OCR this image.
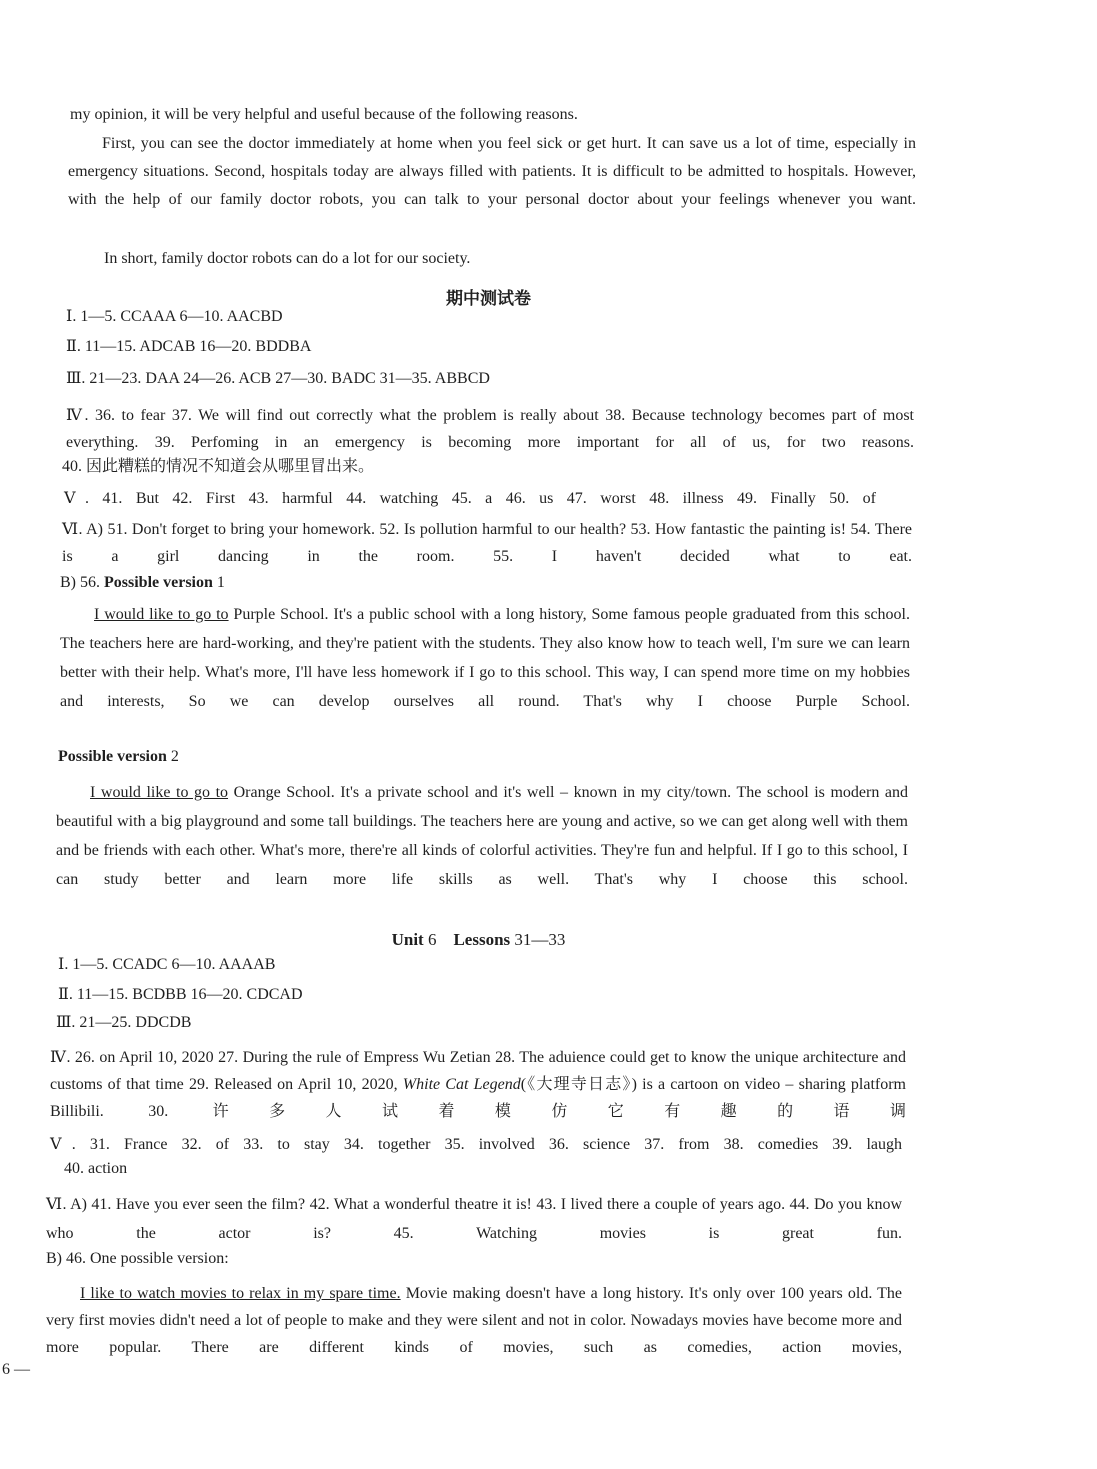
my opinion, it will be very helpful and useful because of the following reasons.
First, you can see the doctor immediately at home when you feel sick or get hurt. It can save us a lot of time, especially in emergency situations. Second, hospitals today are always filled with patients. It is difficult to be admitted to hospitals. However, with the help of our family doctor robots, you can talk to your personal doctor about your feelings whenever you want.
In short, family doctor robots can do a lot for our society.
期中测试卷
Ⅰ. 1—5. CCAAA 6—10. AACBD
Ⅱ. 11—15. ADCAB 16—20. BDDBA
Ⅲ. 21—23. DAA 24—26. ACB 27—30. BADC 31—35. ABBCD
Ⅳ. 36. to fear 37. We will find out correctly what the problem is really about 38. Because technology becomes part of most everything. 39. Perfoming in an emergency is becoming more important for all of us, for two reasons.
40. 因此糟糕的情况不知道会从哪里冒出来。
Ⅴ. 41. But 42. First 43. harmful 44. watching 45. a 46. us 47. worst 48. illness 49. Finally 50. of
Ⅵ. A) 51. Don't forget to bring your homework. 52. Is pollution harmful to our health? 53. How fantastic the painting is! 54. There is a girl dancing in the room. 55. I haven't decided what to eat.
B) 56. Possible version 1
I would like to go to Purple School. It's a public school with a long history, Some famous people graduated from this school. The teachers here are hard-working, and they're patient with the students. They also know how to teach well, I'm sure we can learn better with their help. What's more, I'll have less homework if I go to this school. This way, I can spend more time on my hobbies and interests, So we can develop ourselves all round. That's why I choose Purple School.
Possible version 2
I would like to go to Orange School. It's a private school and it's well – known in my city/town. The school is modern and beautiful with a big playground and some tall buildings. The teachers here are young and active, so we can get along well with them and be friends with each other. What's more, there're all kinds of colorful activities. They're fun and helpful. If I go to this school, I can study better and learn more life skills as well. That's why I choose this school.
Unit 6 Lessons 31—33
Ⅰ. 1—5. CCADC 6—10. AAAAB
Ⅱ. 11—15. BCDBB 16—20. CDCAD
Ⅲ. 21—25. DDCDB
Ⅳ. 26. on April 10, 2020 27. During the rule of Empress Wu Zetian 28. The aduience could get to know the unique architecture and customs of that time 29. Released on April 10, 2020, White Cat Legend(《大理寺日志》) is a cartoon on video – sharing platform Billibili. 30. 许多人试着模仿它有趣的语调
Ⅴ. 31. France 32. of 33. to stay 34. together 35. involved 36. science 37. from 38. comedies 39. laugh
40. action
Ⅵ. A) 41. Have you ever seen the film? 42. What a wonderful theatre it is! 43. I lived there a couple of years ago. 44. Do you know who the actor is? 45. Watching movies is great fun.
B) 46. One possible version:
I like to watch movies to relax in my spare time. Movie making doesn't have a long history. It's only over 100 years old. The very first movies didn't need a lot of people to make and they were silent and not in color. Nowadays movies have become more and more popular. There are different kinds of movies, such as comedies, action movies,
6 —
